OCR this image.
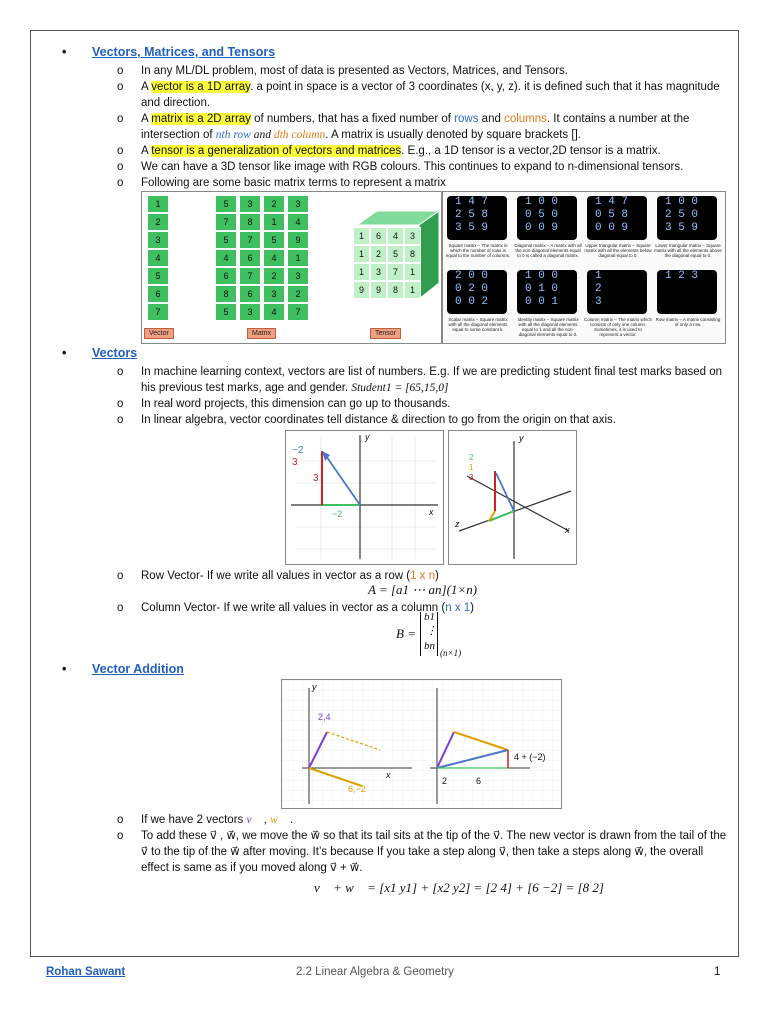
• Vectors, Matrices, and Tensors
o In any ML/DL problem, most of data is presented as Vectors, Matrices, and Tensors.
o A vector is a 1D array. a point in space is a vector of 3 coordinates (x, y, z). it is defined such that it has magnitude and direction.
o A matrix is a 2D array of numbers, that has a fixed number of rows and columns. It contains a number at the intersection of nth row and dth column. A matrix is usually denoted by square brackets [].
o A tensor is a generalization of vectors and matrices. E.g., a 1D tensor is a vector,2D tensor is a matrix.
o We can have a 3D tensor like image with RGB colours. This continues to expand to n-dimensional tensors.
o Following are some basic matrix terms to represent a matrix
1
2
3
4
5
6
7
5	3	2	3
7	8	1	4
5	7	5	9
4	6	4	1
6	7	2	3
8	6	3	2
5	3	4	7
1	6	4	3
1	2	5	8
1	3	7	1
9	9	8	1
Vector	Matrix	Tensor
1 4 7
2 5 8
3 5 9
Square matrix – The matrix in which the number of rows is equal to the number of columns.
1 0 0
0 5 0
0 0 9
Diagonal matrix – A matrix with all the non-diagonal elements equal to 0 is called a diagonal matrix.
1 4 7
0 5 8
0 0 9
Upper triangular matrix – Square matrix with all the elements below diagonal equal to 0.
1 0 0
2 5 0
3 5 9
Lower triangular matrix – Square matrix with all the elements above the diagonal equal to 0.
2 0 0
0 2 0
0 0 2
Scalar matrix – Square matrix with all the diagonal elements equal to some constant k.
1 0 0
0 1 0
0 0 1
Identity matrix – Square matrix with all the diagonal elements equal to 1 and all the non-diagonal elements equal to 0.
1
2
3
Column matrix – The matrix which consists of only one column. Sometimes, it is used to represent a vector.
1 2 3
Row matrix – A matrix consisting of only a row.
• Vectors
o In machine learning context, vectors are list of numbers. E.g. If we are predicting student final test marks based on his previous test marks, age and gender. Student1 = [65,15,0]
o In real word projects, this dimension can go up to thousands.
o In linear algebra, vector coordinates tell distance & direction to go from the origin on that axis.
−2
3
3
−2	x
y
2
1
3
x
y
z
o Row Vector- If we write all values in vector as a row (1 x n)
A = [a1 ⋯ an](1×n)
o Column Vector- If we write all values in vector as a column (n x 1)
B =
b1
⋮
bn
(n×1)
• Vector Addition
2,4
6,−2
4 + (−2)
2	6
x
y
o If we have 2 vectors v⃗ , w⃗ .
o To add these v⃗ , w⃗, we move the w⃗ so that its tail sits at the tip of the v⃗. The new vector is drawn from the tail of the v⃗ to the tip of the w⃗ after moving. It’s because If you take a step along v⃗, then take a steps along w⃗, the overall effect is same as if you moved along v⃗ + w⃗.
v⃗ + w⃗ = [x1 y1] + [x2 y2] = [2 4] + [6 −2] = [8 2]
Rohan Sawant	2.2 Linear Algebra & Geometry	1
